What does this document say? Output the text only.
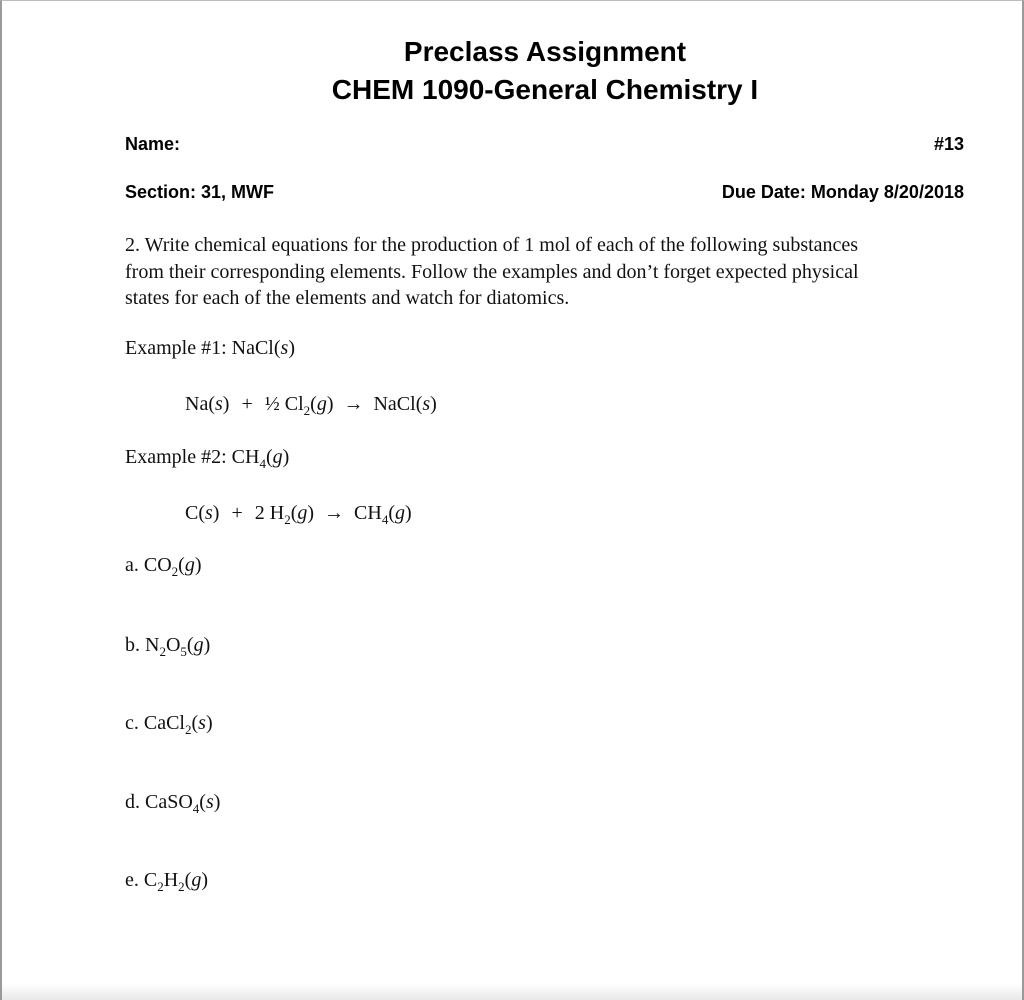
Preclass Assignment
CHEM 1090-General Chemistry I
Name:	#13
Section: 31, MWF	Due Date: Monday 8/20/2018
2. Write chemical equations for the production of 1 mol of each of the following substances
from their corresponding elements. Follow the examples and don’t forget expected physical
states for each of the elements and watch for diatomics.
Example #1: NaCl(s)
Na(s) + ½ $Cl_2(g)$ → NaCl(s)
Example #2: $CH_4(g)$
C(s) + 2 $H_2(g) \to CH_4(g)$
a. $CO_2(g)$
b. $N_2O_5(g)$
c. CaCl$_2$(s)
d. CaSO$_4$(s)
e. $C_2H_2(g)$
